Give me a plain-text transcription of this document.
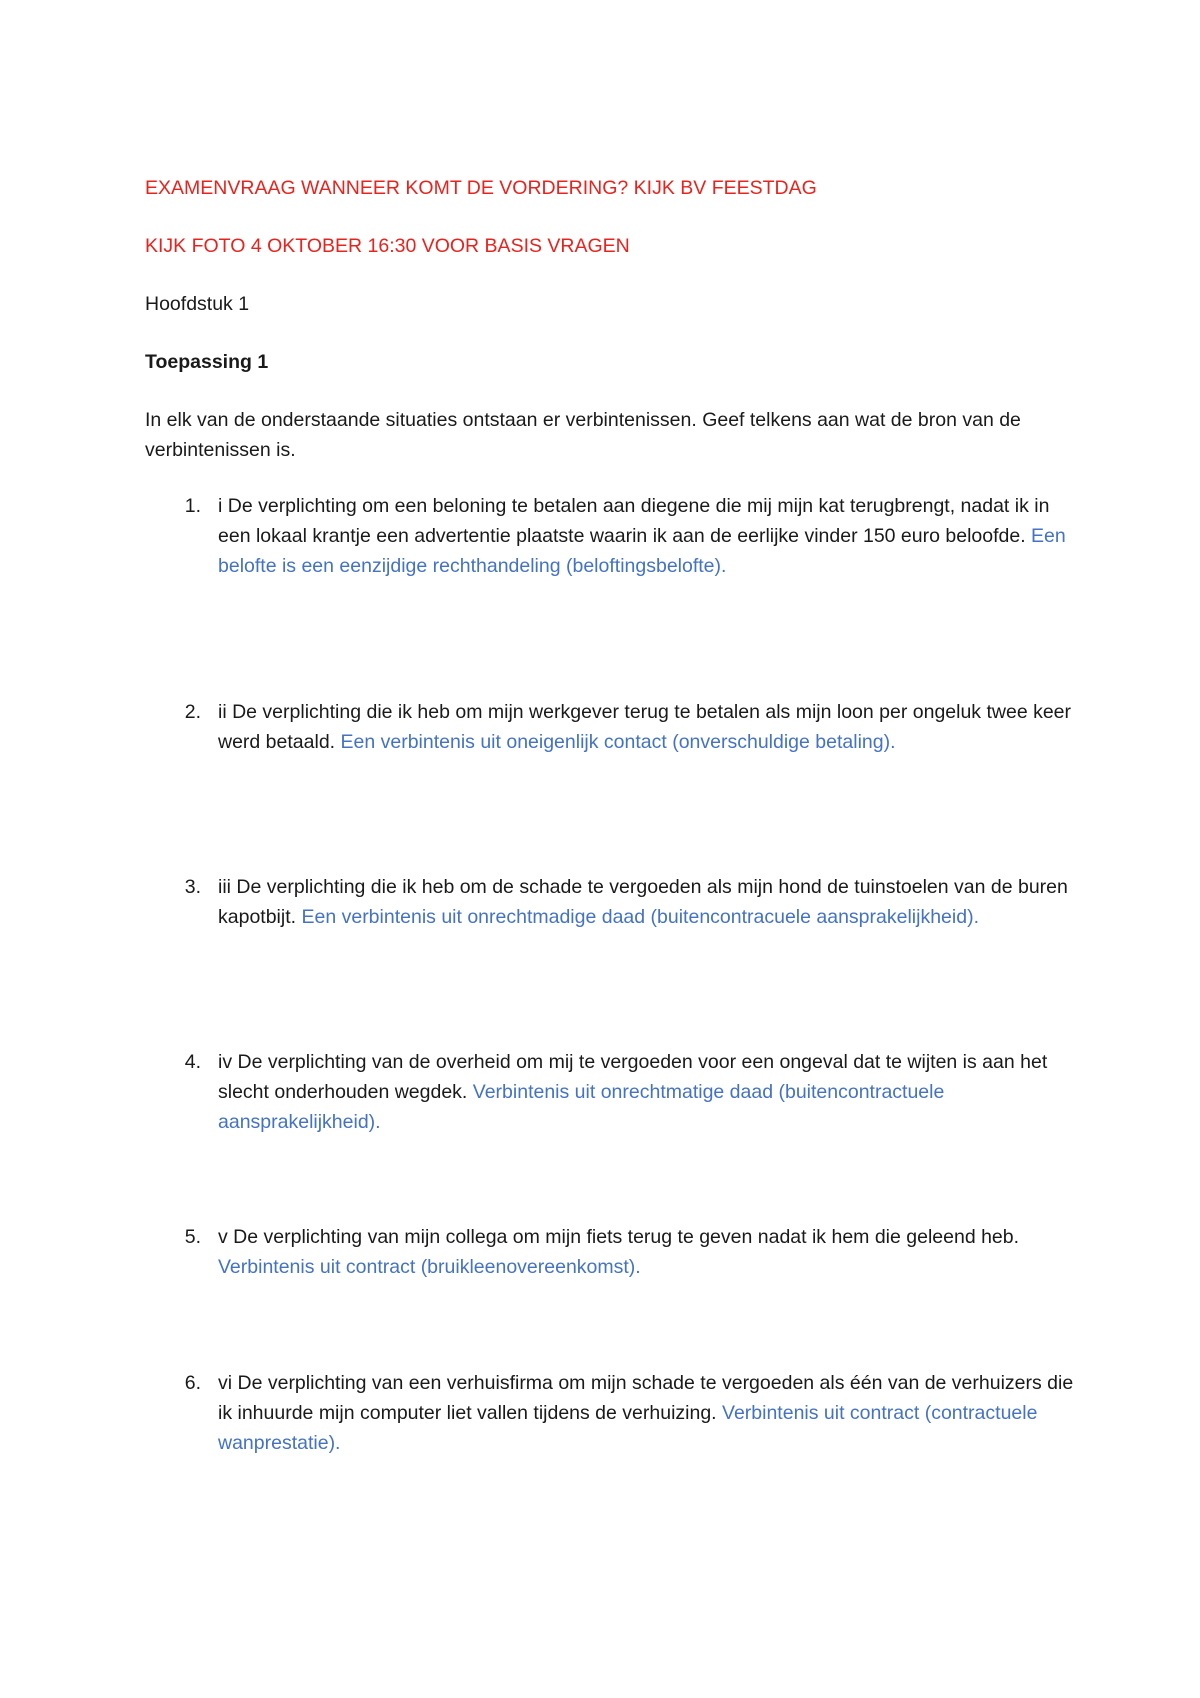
EXAMENVRAAG WANNEER KOMT DE VORDERING? KIJK BV FEESTDAG
KIJK FOTO 4 OKTOBER 16:30 VOOR BASIS VRAGEN
Hoofdstuk 1
Toepassing 1
In elk van de onderstaande situaties ontstaan er verbintenissen. Geef telkens aan wat de bron van de verbintenissen is.
1. i De verplichting om een beloning te betalen aan diegene die mij mijn kat terugbrengt, nadat ik in een lokaal krantje een advertentie plaatste waarin ik aan de eerlijke vinder 150 euro beloofde. Een belofte is een eenzijdige rechthandeling (beloftingsbelofte).
2. ii De verplichting die ik heb om mijn werkgever terug te betalen als mijn loon per ongeluk twee keer werd betaald. Een verbintenis uit oneigenlijk contact (onverschuldige betaling).
3. iii De verplichting die ik heb om de schade te vergoeden als mijn hond de tuinstoelen van de buren kapotbijt. Een verbintenis uit onrechtmadige daad (buitencontracuele aansprakelijkheid).
4. iv De verplichting van de overheid om mij te vergoeden voor een ongeval dat te wijten is aan het slecht onderhouden wegdek. Verbintenis uit onrechtmatige daad (buitencontractuele aansprakelijkheid).
5. v De verplichting van mijn collega om mijn fiets terug te geven nadat ik hem die geleend heb. Verbintenis uit contract (bruikleenovereenkomst).
6. vi De verplichting van een verhuisfirma om mijn schade te vergoeden als één van de verhuizers die ik inhuurde mijn computer liet vallen tijdens de verhuizing. Verbintenis uit contract (contractuele wanprestatie).
